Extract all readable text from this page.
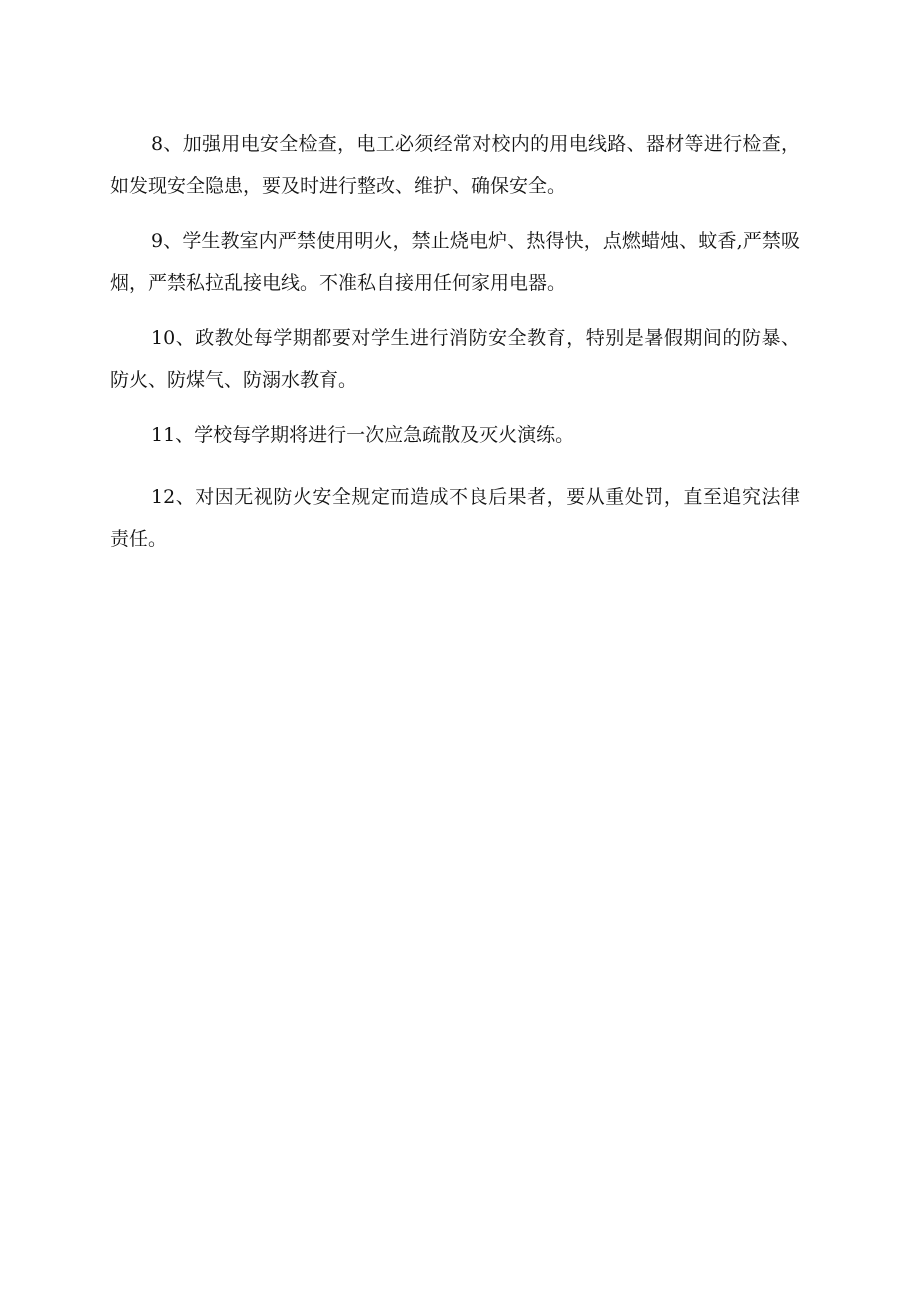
8、加强用电安全检查，电工必须经常对校内的用电线路、器材等进行检查，如发现安全隐患，要及时进行整改、维护、确保安全。

9、学生教室内严禁使用明火，禁止烧电炉、热得快，点燃蜡烛、蚊香,严禁吸烟，严禁私拉乱接电线。不准私自接用任何家用电器。

10、政教处每学期都要对学生进行消防安全教育，特别是暑假期间的防暴、防火、防煤气、防溺水教育。

11、学校每学期将进行一次应急疏散及灭火演练。

12、对因无视防火安全规定而造成不良后果者，要从重处罚，直至追究法律责任。
